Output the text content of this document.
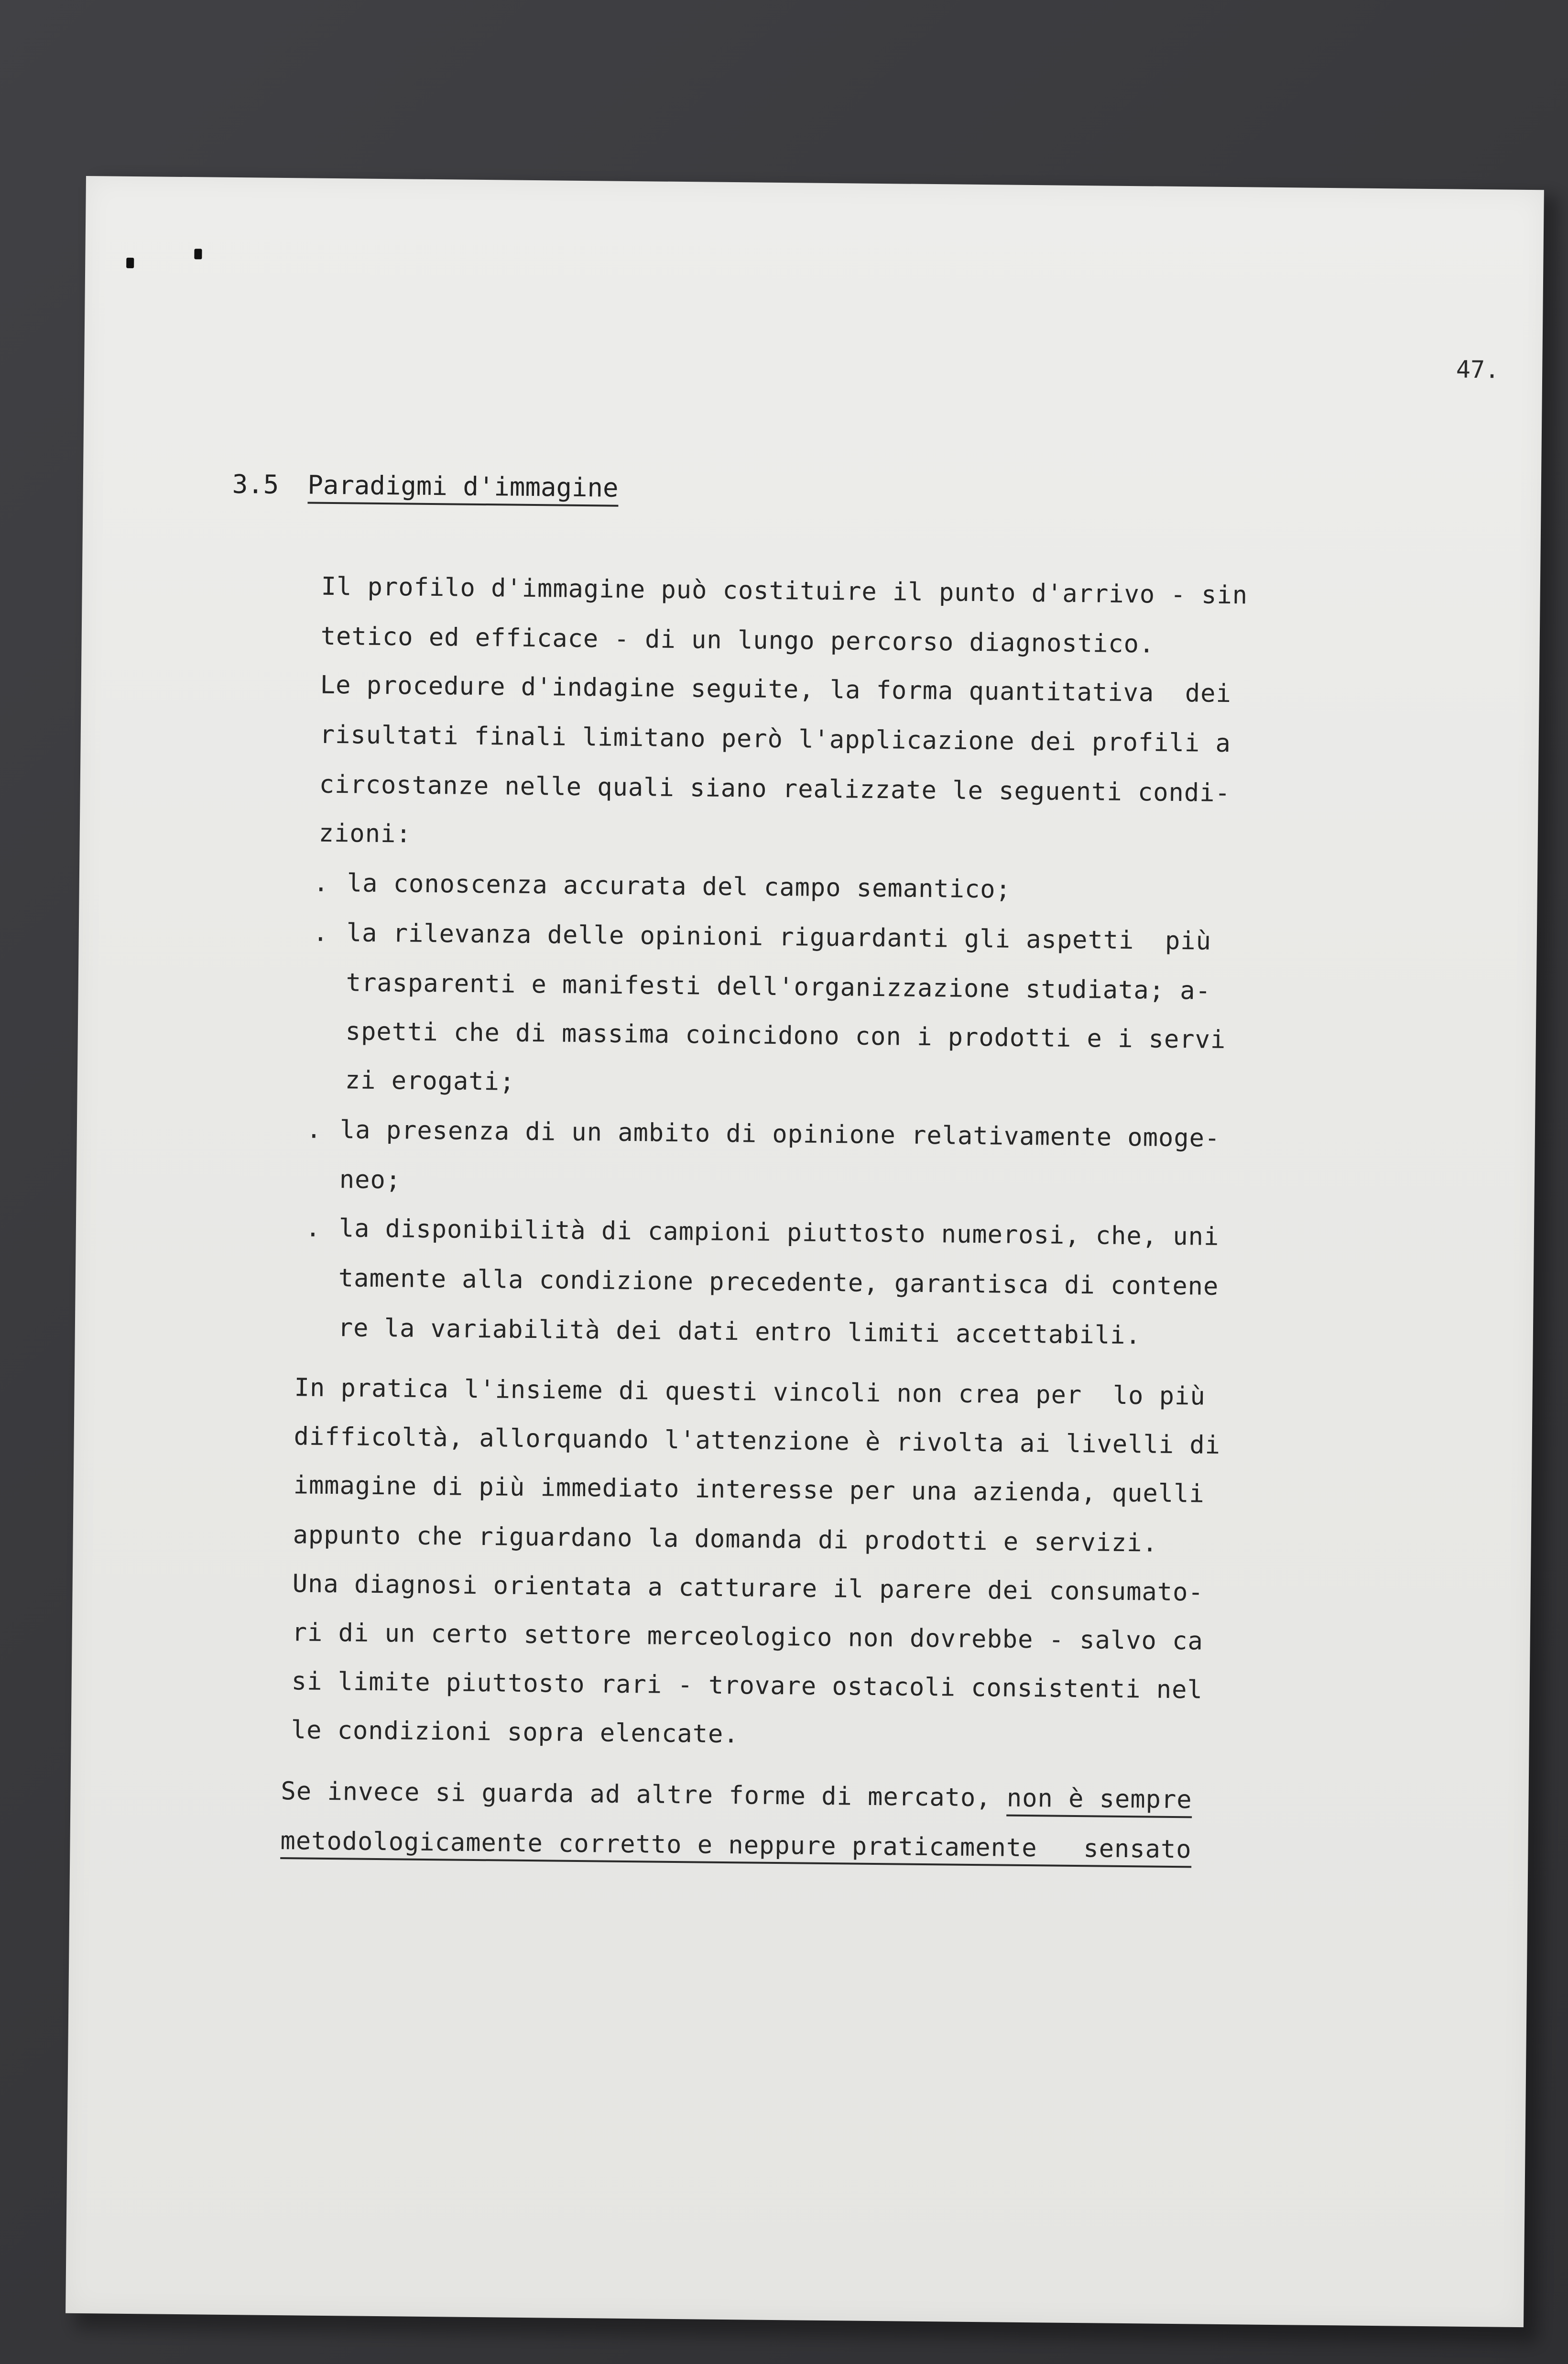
47.
3.5 Paradigmi d'immagine
Il profilo d'immagine può costituire il punto d'arrivo - sin
tetico ed efficace - di un lungo percorso diagnostico.
Le procedure d'indagine seguite, la forma quantitativa  dei
risultati finali limitano però l'applicazione dei profili a
circostanze nelle quali siano realizzate le seguenti condi-
zioni:
. la conoscenza accurata del campo semantico;
. la rilevanza delle opinioni riguardanti gli aspetti  più
trasparenti e manifesti dell'organizzazione studiata; a-
spetti che di massima coincidono con i prodotti e i servi
zi erogati;
. la presenza di un ambito di opinione relativamente omoge-
neo;
. la disponibilità di campioni piuttosto numerosi, che, uni
tamente alla condizione precedente, garantisca di contene
re la variabilità dei dati entro limiti accettabili.
In pratica l'insieme di questi vincoli non crea per  lo più
difficoltà, allorquando l'attenzione è rivolta ai livelli di
immagine di più immediato interesse per una azienda, quelli
appunto che riguardano la domanda di prodotti e servizi.
Una diagnosi orientata a catturare il parere dei consumato-
ri di un certo settore merceologico non dovrebbe - salvo ca
si limite piuttosto rari - trovare ostacoli consistenti nel
le condizioni sopra elencate.
Se invece si guarda ad altre forme di mercato, non è sempre
metodologicamente corretto e neppure praticamente   sensato
